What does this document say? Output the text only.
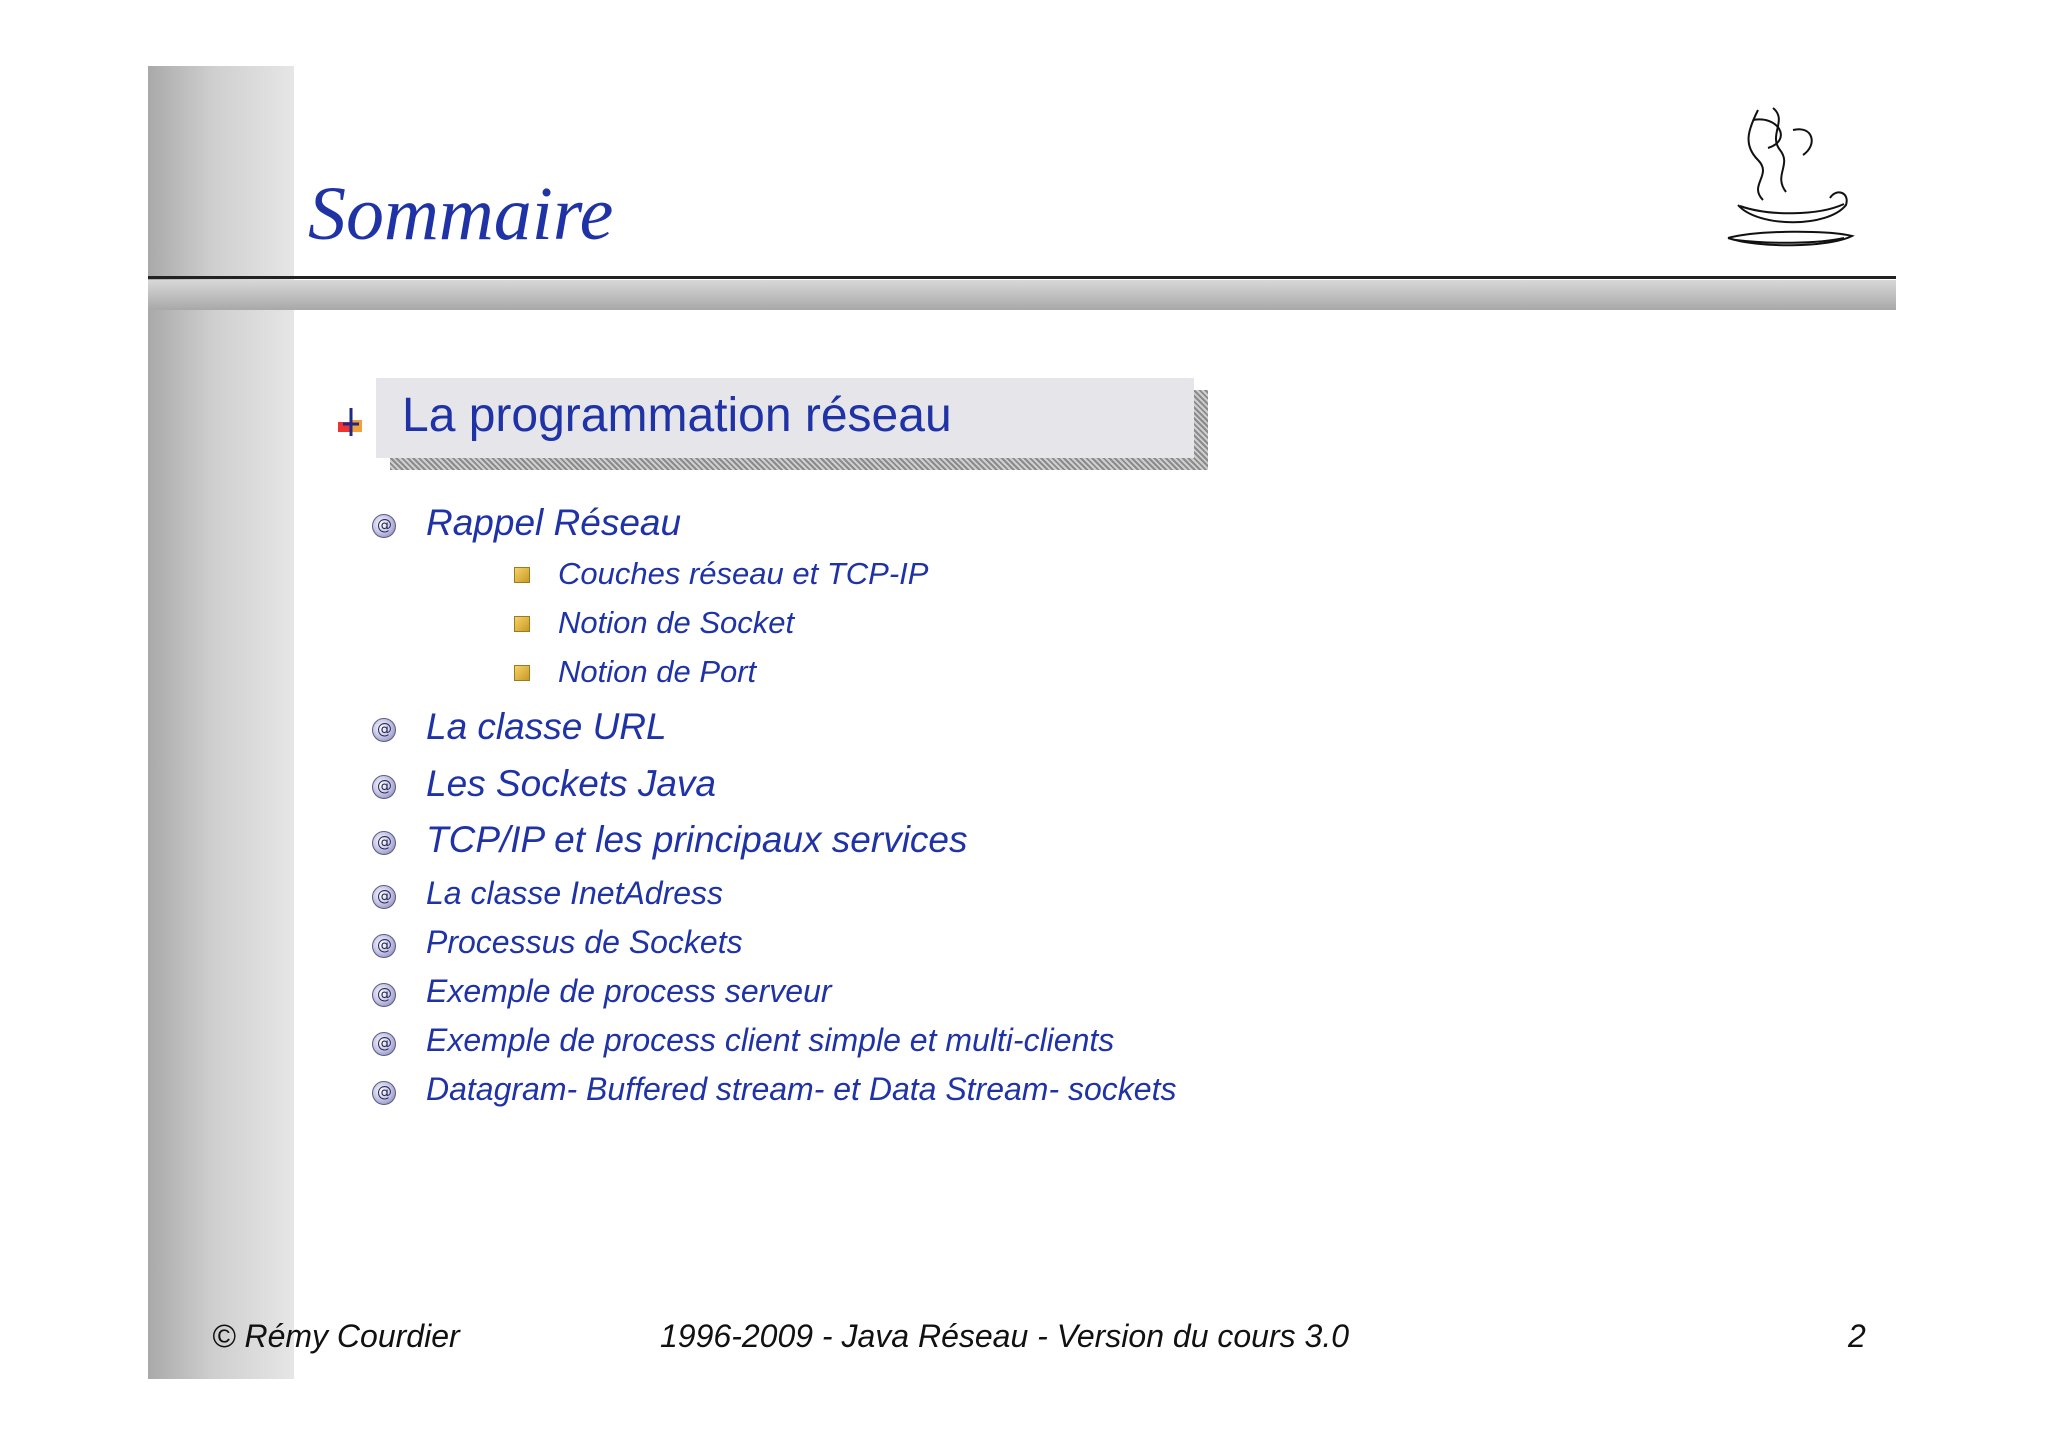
Sommaire
La programmation réseau
@
Rappel Réseau
Couches réseau et TCP-IP
Notion de Socket
Notion de Port
@
La classe URL
@
Les Sockets Java
@
TCP/IP et les principaux services
@
La classe InetAdress
@
Processus de Sockets
@
Exemple de process serveur
@
Exemple de process client simple et multi-clients
@
Datagram- Buffered stream- et Data Stream- sockets
© Rémy Courdier	1996-2009 - Java Réseau - Version du cours 3.0	2
